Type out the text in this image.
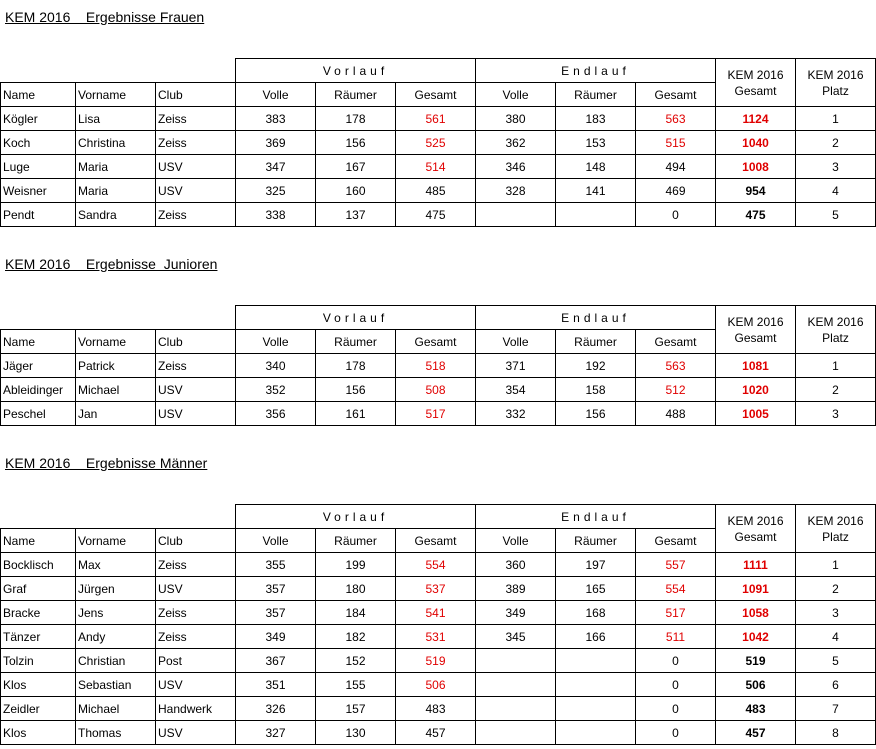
KEM 2016    Ergebnisse Frauen
			Vorlauf			Endlauf			KEM 2016 Gesamt	KEM 2016 Platz
Name	Vorname	Club	Volle	Räumer	Gesamt	Volle	Räumer	Gesamt		
Kögler	Lisa	Zeiss	383	178	561	380	183	563	1124	1
Koch	Christina	Zeiss	369	156	525	362	153	515	1040	2
Luge	Maria	USV	347	167	514	346	148	494	1008	3
Weisner	Maria	USV	325	160	485	328	141	469	954	4
Pendt	Sandra	Zeiss	338	137	475			0	475	5
KEM 2016    Ergebnisse  Junioren
			Vorlauf			Endlauf			KEM 2016 Gesamt	KEM 2016 Platz
Name	Vorname	Club	Volle	Räumer	Gesamt	Volle	Räumer	Gesamt		
Jäger	Patrick	Zeiss	340	178	518	371	192	563	1081	1
Ableidinger	Michael	USV	352	156	508	354	158	512	1020	2
Peschel	Jan	USV	356	161	517	332	156	488	1005	3
KEM 2016    Ergebnisse Männer
			Vorlauf			Endlauf			KEM 2016 Gesamt	KEM 2016 Platz
Name	Vorname	Club	Volle	Räumer	Gesamt	Volle	Räumer	Gesamt		
Bocklisch	Max	Zeiss	355	199	554	360	197	557	1111	1
Graf	Jürgen	USV	357	180	537	389	165	554	1091	2
Bracke	Jens	Zeiss	357	184	541	349	168	517	1058	3
Tänzer	Andy	Zeiss	349	182	531	345	166	511	1042	4
Tolzin	Christian	Post	367	152	519			0	519	5
Klos	Sebastian	USV	351	155	506			0	506	6
Zeidler	Michael	Handwerk	326	157	483			0	483	7
Klos	Thomas	USV	327	130	457			0	457	8
